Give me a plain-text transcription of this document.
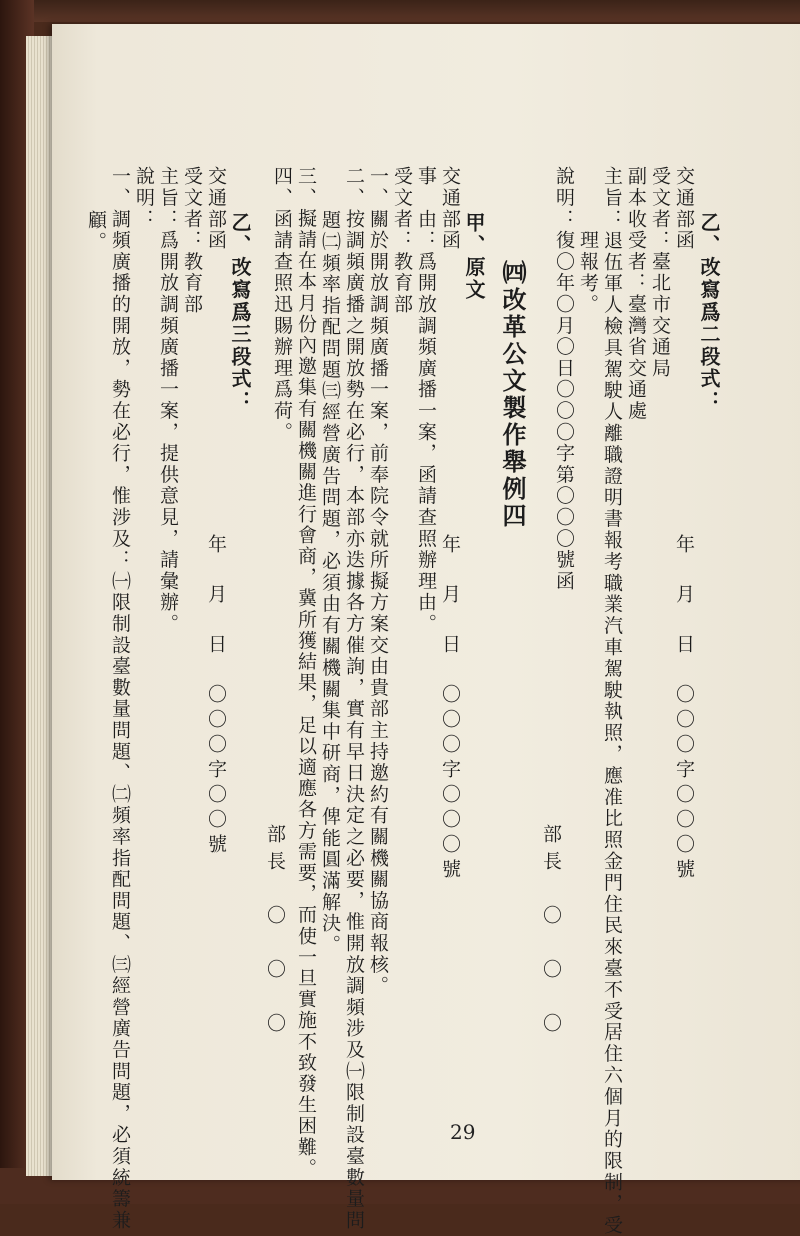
乙、改寫爲二段式：
交通部函
受文者：臺北市交通局
副本收受者：臺灣省交通處
主旨：退伍軍人檢具駕駛人離職證明書報考職業汽車駕駛執照，應准比照金門住民來臺不受居住六個月的限制，受
理報考。
說明：復〇年〇月〇日〇〇〇字第〇〇〇號函
年　月　日　〇〇〇字〇〇〇號
部長　〇　〇　〇
㈣改革公文製作舉例四
甲、原文
交通部函
事　由：爲開放調頻廣播一案，函請查照辦理由。
受文者：教育部
一、關於開放調頻廣播一案，前奉院令就所擬方案交由貴部主持邀約有關機關協商報核。
二、按調頻廣播之開放勢在必行，本部亦迭據各方催詢，實有早日決定之必要，惟開放調頻涉及㈠限制設臺數量問
題㈡頻率指配問題㈢經營廣告問題，必須由有關機關集中研商，俾能圓滿解決。
三、擬請在本月份內邀集有關機關進行會商，冀所獲結果，足以適應各方需要，而使一旦實施不致發生困難。
四、函請查照迅賜辦理爲荷。
年　月　日　〇〇〇字〇〇〇號
部長　〇　〇　〇
乙、改寫爲三段式：
交通部函
受文者：教育部
主旨：爲開放調頻廣播一案，提供意見，請彙辦。
說明：
一、調頻廣播的開放，勢在必行，惟涉及：㈠限制設臺數量問題、㈡頻率指配問題、㈢經營廣告問題，必須統籌兼
顧。
年　月　日　〇〇〇字〇〇號
29
